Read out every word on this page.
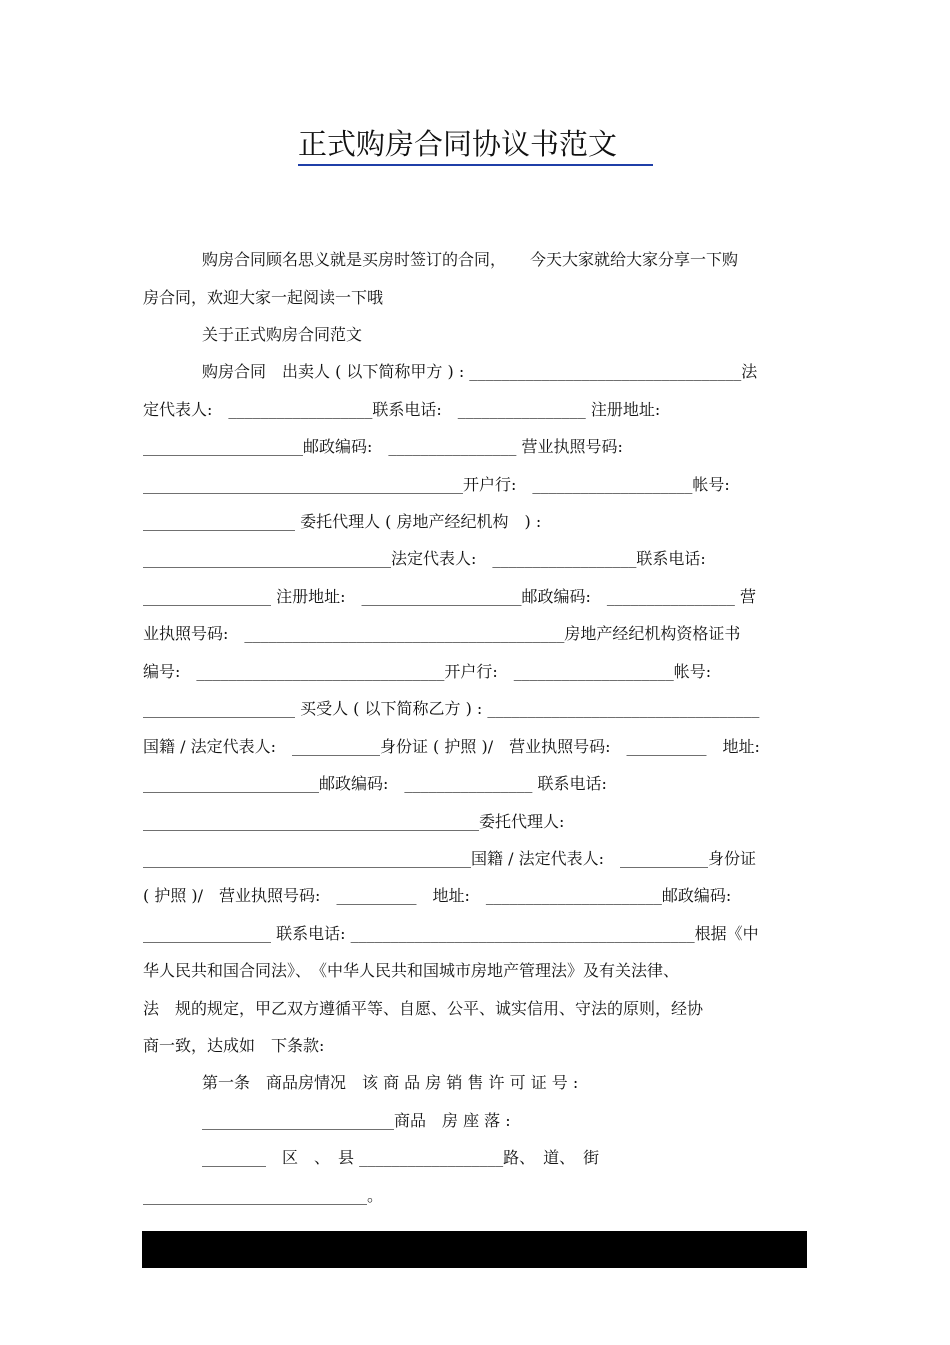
正式购房合同协议书范文
购房合同顾名思义就是买房时签订的合同，　　今天大家就给大家分享一下购
房合同，欢迎大家一起阅读一下哦
关于正式购房合同范文
购房合同　出卖人 ( 以下简称甲方 ) : __________________________________法
定代表人:　__________________联系电话:　________________ 注册地址:
____________________邮政编码:　________________ 营业执照号码:
________________________________________开户行:　____________________帐号:
___________________ 委托代理人 ( 房地产经纪机构　) :
_______________________________法定代表人:　__________________联系电话:
________________ 注册地址:　____________________邮政编码:　________________ 营
业执照号码:　________________________________________房地产经纪机构资格证书
编号:　_______________________________开户行:　____________________帐号:
___________________ 买受人 ( 以下简称乙方 ) : __________________________________
国籍 / 法定代表人:　___________身份证 ( 护照 )/　营业执照号码:　__________　地址:
______________________邮政编码:　________________ 联系电话:
__________________________________________委托代理人:
_________________________________________国籍 / 法定代表人:　___________身份证
( 护照 )/　营业执照号码:　__________　地址:　______________________邮政编码:
________________ 联系电话: ___________________________________________根据《中
华人民共和国合同法》、　《中华人民共和国城市房地产管理法》及有关法律、
法　规的规定，甲乙双方遵循平等、自愿、公平、诚实信用、守法的原则，经协
商一致，达成如　下条款:
第一条　商品房情况　该 商 品 房 销 售 许 可 证 号 :
________________________商品　房 座 落 :
________　区　、　县 __________________路、　道、　街
____________________________。
